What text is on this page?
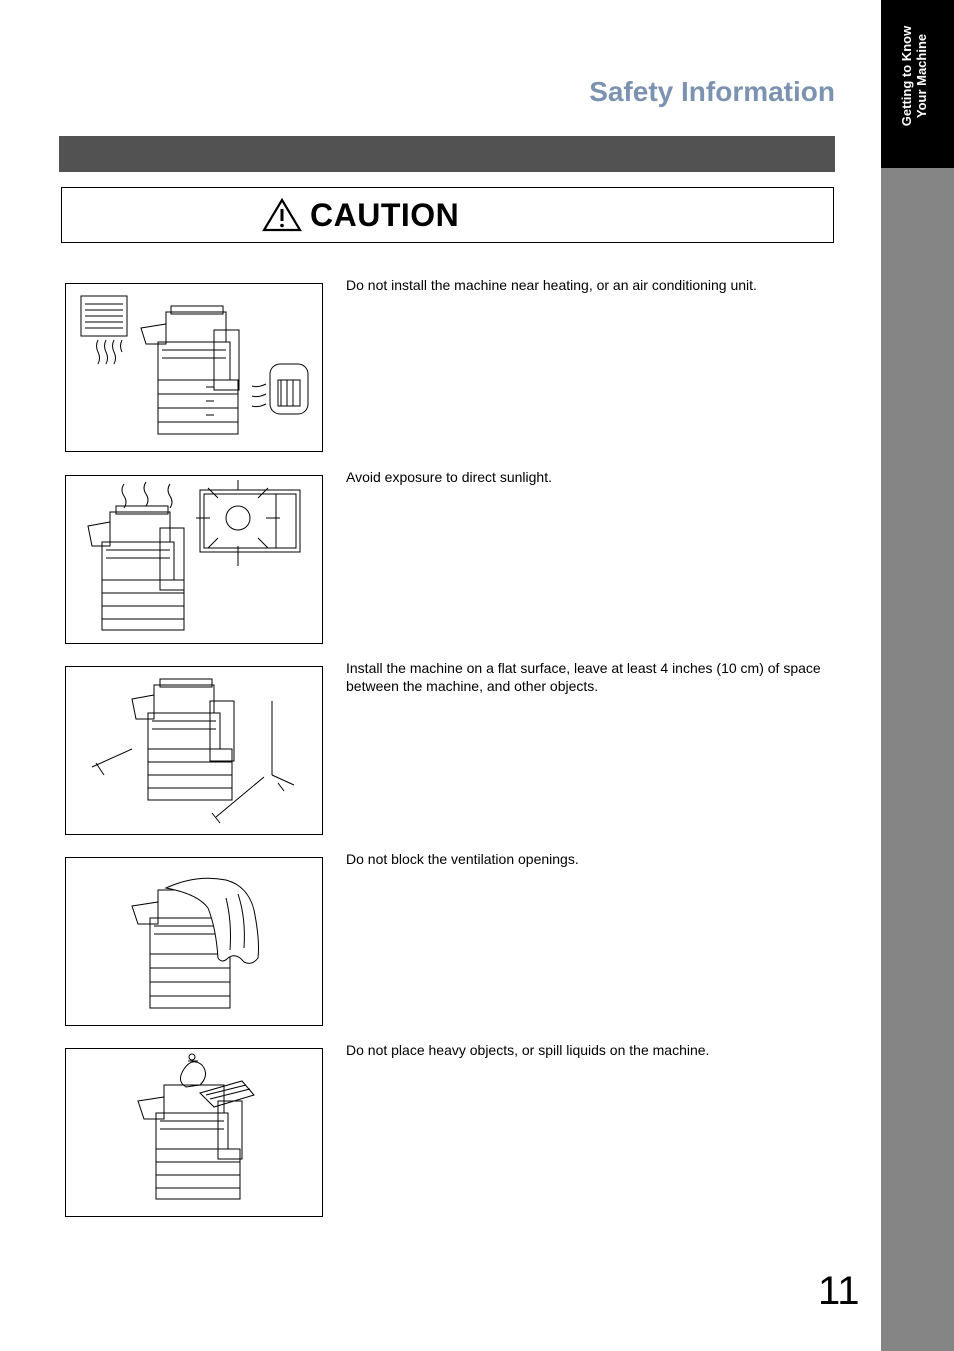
Getting to Know Your Machine
Safety Information
CAUTION
Do not install the machine near heating, or an air conditioning unit.
Avoid exposure to direct sunlight.
Install the machine on a flat surface, leave at least 4 inches (10 cm) of space between the machine, and other objects.
Do not block the ventilation openings.
Do not place heavy objects, or spill liquids on the machine.
11
